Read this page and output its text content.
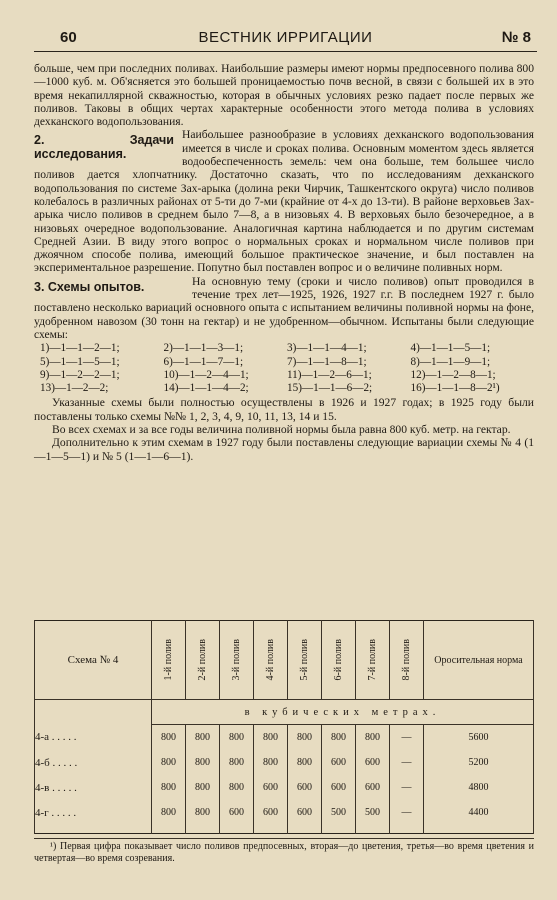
60	ВЕСТНИК ИРРИГАЦИИ	№ 8

больше, чем при последних поливах. Наибольшие размеры имеют нормы предпосевного полива 800—1000 куб. м. Об'ясняется это большей проницаемостью почв весной, в связи с большей их в это время некапиллярной скважностью, которая в обычных условиях резко падает после первых же поливов. Таковы в общих чертах характерные особенности этого метода полива в условиях дехканского водопользования.

2. Задачи исследования.

Наибольшее разнообразие в условиях дехканского водопользования имеется в числе и сроках полива. Основным моментом здесь является водообеспеченность земель: чем она больше, тем большее число поливов дается хлопчатнику. Достаточно сказать, что по исследованиям дехканского водопользования по системе Зах-арыка (долина реки Чирчик, Ташкентского округа) число поливов колебалось в различных районах от 5-ти до 7-ми (крайние от 4-х до 13-ти). В районе верховьев Зах-арыка число поливов в среднем было 7—8, а в низовьях 4. В верховьях было безочередное, а в низовьях очередное водопользование. Аналогичная картина наблюдается и по другим системам Средней Азии. В виду этого вопрос о нормальных сроках и нормальном числе поливов при джоячном способе полива, имеющий большое практическое значение, и был поставлен на экспериментальное разрешение. Попутно был поставлен вопрос и о величине поливных норм.

3. Схемы опытов.	На основную тему (сроки и число поливов) опыт проводился в течение трех лет—1925, 1926, 1927 г.г. В последнем 1927 г. было поставлено несколько вариаций основного опыта с испытанием величины поливной нормы на фоне, удобренном навозом (30 тонн на гектар) и не удобренном—обычном. Испытаны были следующие схемы:

1)—1—1—2—1;	2)—1—1—3—1;	3)—1—1—4—1;	4)—1—1—5—1;
5)—1—1—5—1;	6)—1—1—7—1;	7)—1—1—8—1;	8)—1—1—9—1;
9)—1—2—2—1;	10)—1—2—4—1;	11)—1—2—6—1;	12)—1—2—8—1;
13)—1—2—2;	14)—1—1—4—2;	15)—1—1—6—2;	16)—1—1—8—2¹)

Указанные схемы были полностью осуществлены в 1926 и 1927 годах; в 1925 году были поставлены только схемы №№ 1, 2, 3, 4, 9, 10, 11, 13, 14 и 15.

Во всех схемах и за все годы величина поливной нормы была равна 800 куб. метр. на гектар.

Дополнительно к этим схемам в 1927 году были поставлены следующие вариации схемы № 4 (1—1—5—1) и № 5 (1—1—6—1).

Схема № 4	1-й полив	2-й полив	3-й полив	4-й полив	5-й полив	6-й полив	7-й полив	8-й полив	Оросительная норма
	в кубических метрах.								
4-а . . . . .	800	800	800	800	800	800	800	—	5600
4-б . . . . .	800	800	800	800	800	600	600	—	5200
4-в . . . . .	800	800	800	600	600	600	600	—	4800
4-г . . . . .	800	800	600	600	600	500	500	—	4400
¹) Первая цифра показывает число поливов предпосевных, вторая—до цветения, третья—во время цветения и четвертая—во время созревания.
